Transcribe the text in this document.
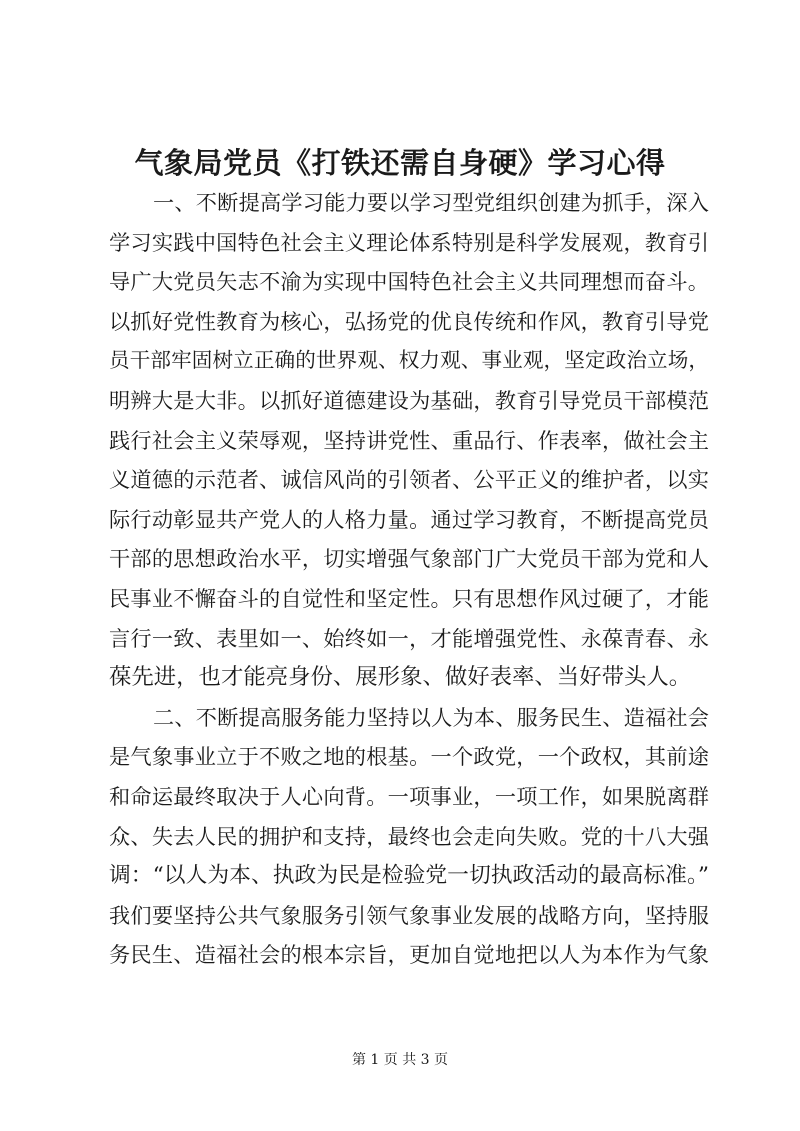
气象局党员《打铁还需自身硬》学习心得
一、不断提高学习能力要以学习型党组织创建为抓手，深入
学习实践中国特色社会主义理论体系特别是科学发展观，教育引
导广大党员矢志不渝为实现中国特色社会主义共同理想而奋斗。
以抓好党性教育为核心，弘扬党的优良传统和作风，教育引导党
员干部牢固树立正确的世界观、权力观、事业观，坚定政治立场，
明辨大是大非。以抓好道德建设为基础，教育引导党员干部模范
践行社会主义荣辱观，坚持讲党性、重品行、作表率，做社会主
义道德的示范者、诚信风尚的引领者、公平正义的维护者，以实
际行动彰显共产党人的人格力量。通过学习教育，不断提高党员
干部的思想政治水平，切实增强气象部门广大党员干部为党和人
民事业不懈奋斗的自觉性和坚定性。只有思想作风过硬了，才能
言行一致、表里如一、始终如一，才能增强党性、永葆青春、永
葆先进，也才能亮身份、展形象、做好表率、当好带头人。
二、不断提高服务能力坚持以人为本、服务民生、造福社会
是气象事业立于不败之地的根基。一个政党，一个政权，其前途
和命运最终取决于人心向背。一项事业，一项工作，如果脱离群
众、失去人民的拥护和支持，最终也会走向失败。党的十八大强
调：“以人为本、执政为民是检验党一切执政活动的最高标准。”
我们要坚持公共气象服务引领气象事业发展的战略方向，坚持服
务民生、造福社会的根本宗旨，更加自觉地把以人为本作为气象
第 1 页 共 3 页
